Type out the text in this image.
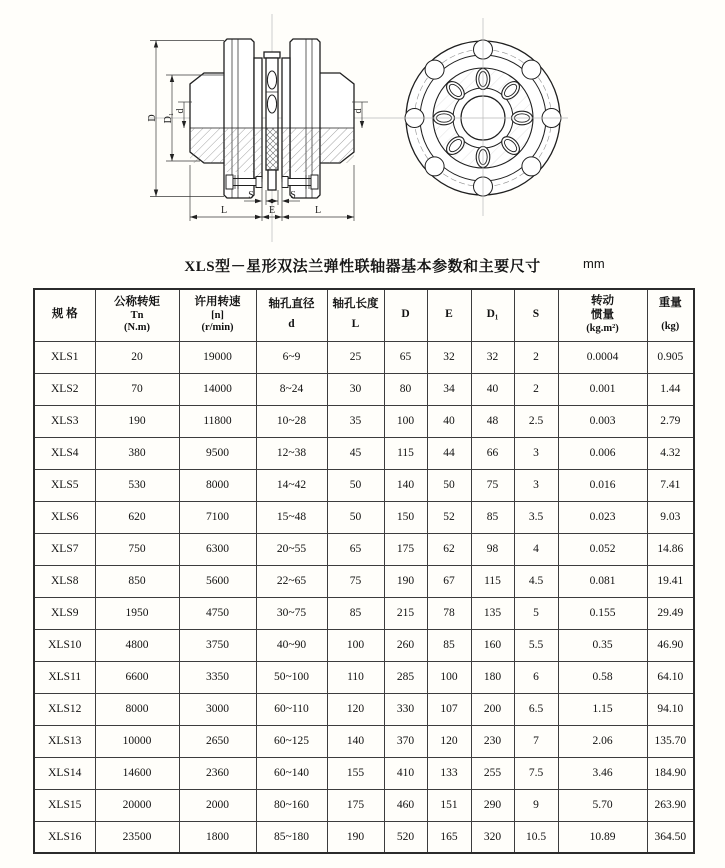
D D₁
d	d
S	S
L	E	L
XLS型－星形双法兰弹性联轴器基本参数和主要尺寸	mm
规 格

公称转矩
Tn
(N.m)

许用转速
[n]
(r/min)

轴孔直径
d

轴孔长度
L

D	E	D₁	S

转动
惯量
(kg.m²)

重量
(kg)

XLS1	20	19000	6~9	25	65	32	32	2	0.0004	0.905
XLS2	70	14000	8~24	30	80	34	40	2	0.001	1.44
XLS3	190	11800	10~28	35	100	40	48	2.5	0.003	2.79
XLS4	380	9500	12~38	45	115	44	66	3	0.006	4.32
XLS5	530	8000	14~42	50	140	50	75	3	0.016	7.41
XLS6	620	7100	15~48	50	150	52	85	3.5	0.023	9.03
XLS7	750	6300	20~55	65	175	62	98	4	0.052	14.86
XLS8	850	5600	22~65	75	190	67	115	4.5	0.081	19.41
XLS9	1950	4750	30~75	85	215	78	135	5	0.155	29.49
XLS10	4800	3750	40~90	100	260	85	160	5.5	0.35	46.90
XLS11	6600	3350	50~100	110	285	100	180	6	0.58	64.10
XLS12	8000	3000	60~110	120	330	107	200	6.5	1.15	94.10
XLS13	10000	2650	60~125	140	370	120	230	7	2.06	135.70
XLS14	14600	2360	60~140	155	410	133	255	7.5	3.46	184.90
XLS15	20000	2000	80~160	175	460	151	290	9	5.70	263.90
XLS16	23500	1800	85~180	190	520	165	320	10.5	10.89	364.50
